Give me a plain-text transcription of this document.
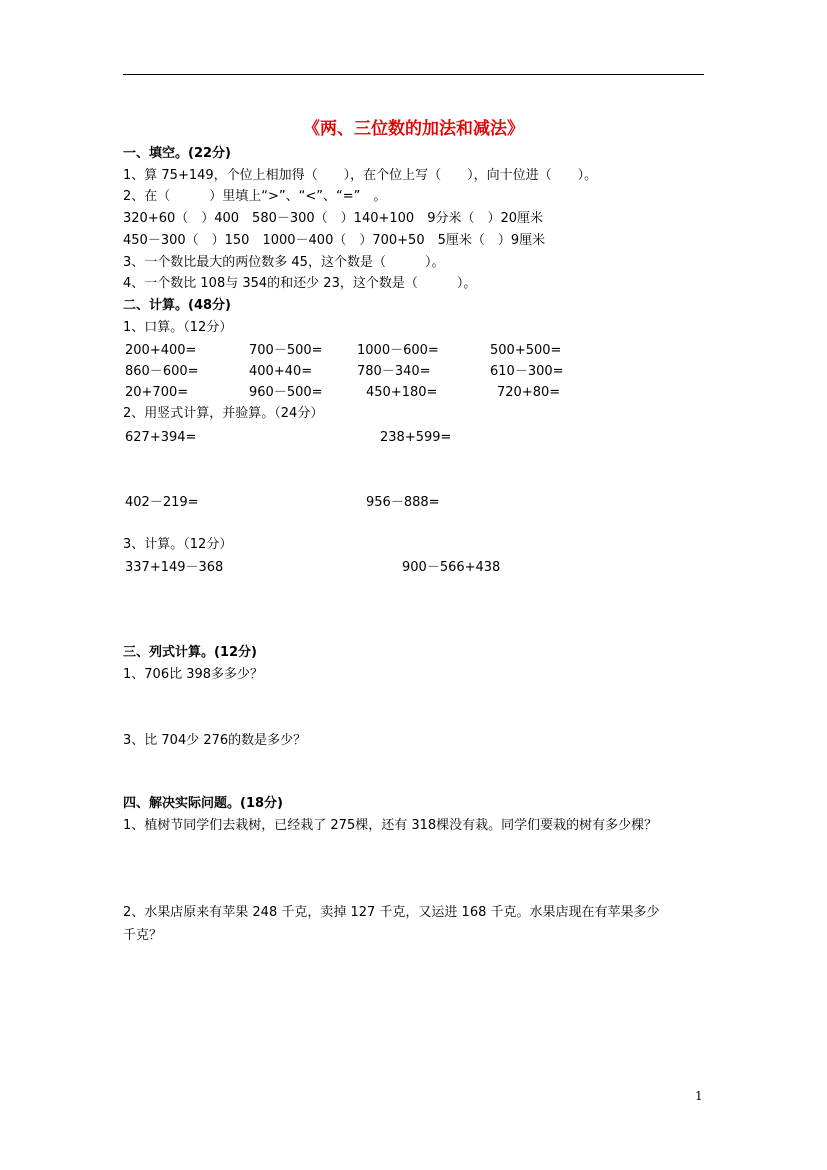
《两、三位数的加法和减法》
一、填空。(22分)
1、算 75+149，个位上相加得（　　），在个位上写（　　），向十位进（　　）。
2、在（　　　）里填上“>”、“<”、“=”　。
320+60（　）400　580－300（　）140+100　9分米（　）20厘米
450－300（　）150　1000－400（　）700+50　5厘米（　）9厘米
3、一个数比最大的两位数多 45，这个数是（　　　）。
4、一个数比 108与 354的和还少 23，这个数是（　　　）。
二、计算。(48分)
1、口算。（12分）
200+400=	700－500=	1000－600=	500+500=
860－600=	400+40=	780－340=	610－300=
20+700=	960－500=	450+180=	720+80=
2、用竖式计算，并验算。（24分）
627+394=	238+599=
402－219=	956－888=
3、计算。（12分）
337+149－368	900－566+438
三、列式计算。(12分)
1、706比 398多多少？
3、比 704少 276的数是多少？
四、解决实际问题。(18分)
1、植树节同学们去栽树，已经栽了 275棵，还有 318棵没有栽。同学们要栽的树有多少棵？
2、水果店原来有苹果 248 千克，卖掉 127 千克，又运进 168 千克。水果店现在有苹果多少
千克？
1
